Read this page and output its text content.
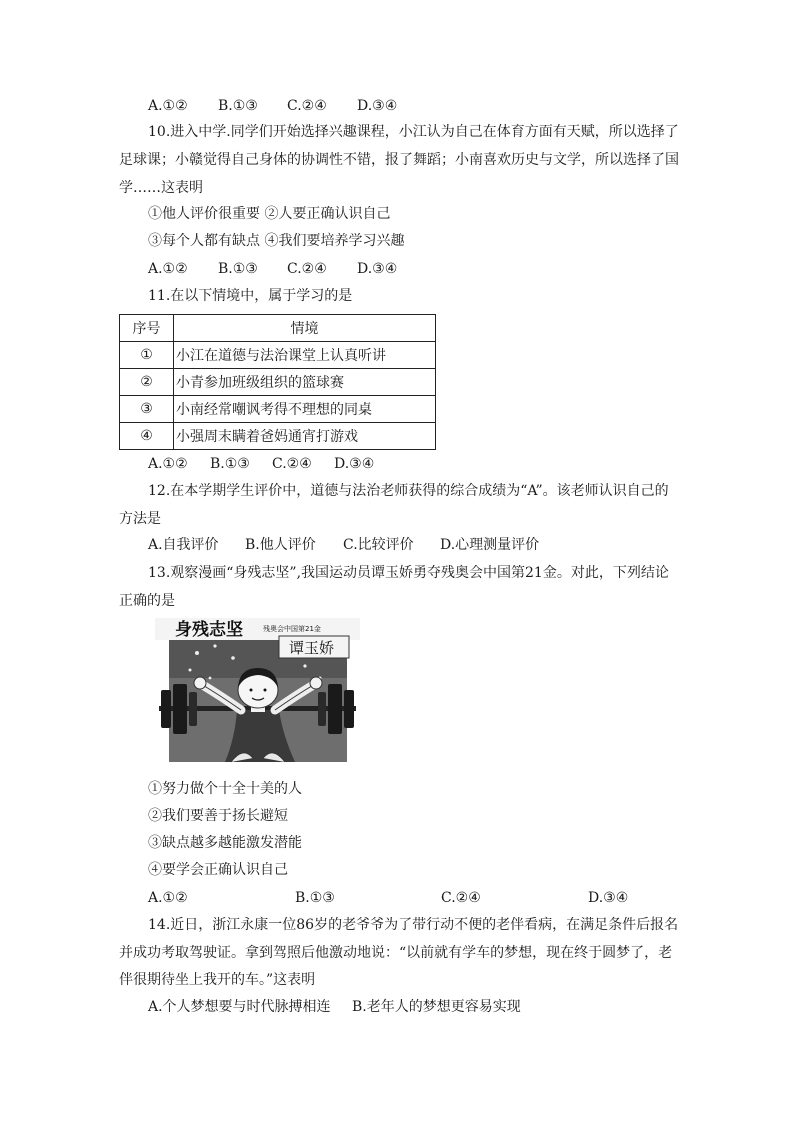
A.①② B.①③ C.②④ D.③④
10.进入中学.同学们开始选择兴趣课程，小江认为自己在体育方面有天赋，所以选择了
足球课；小赣觉得自己身体的协调性不错，报了舞蹈；小南喜欢历史与文学，所以选择了国
学……这表明
①他人评价很重要 ②人要正确认识自己
③每个人都有缺点 ④我们要培养学习兴趣
A.①② B.①③ C.②④ D.③④
11.在以下情境中，属于学习的是
序号	情境
①	小江在道德与法治课堂上认真听讲
②	小青参加班级组织的篮球赛
③	小南经常嘲讽考得不理想的同桌
④	小强周末瞒着爸妈通宵打游戏
A.①② B.①③ C.②④ D.③④
12.在本学期学生评价中，道德与法治老师获得的综合成绩为“A”。该老师认识自己的
方法是
A.自我评价 B.他人评价 C.比较评价 D.心理测量评价
13.观察漫画“身残志坚”,我国运动员谭玉娇勇夺残奥会中国第21金。对此，下列结论
正确的是
身残志坚	残奥会中国第21金
谭玉娇
①努力做个十全十美的人
②我们要善于扬长避短
③缺点越多越能激发潜能
④要学会正确认识自己
A.①②	B.①③	C.②④	D.③④
14.近日，浙江永康一位86岁的老爷爷为了带行动不便的老伴看病，在满足条件后报名
并成功考取驾驶证。拿到驾照后他激动地说：“以前就有学车的梦想，现在终于圆梦了，老
伴很期待坐上我开的车。”这表明
A.个人梦想要与时代脉搏相连 B.老年人的梦想更容易实现
